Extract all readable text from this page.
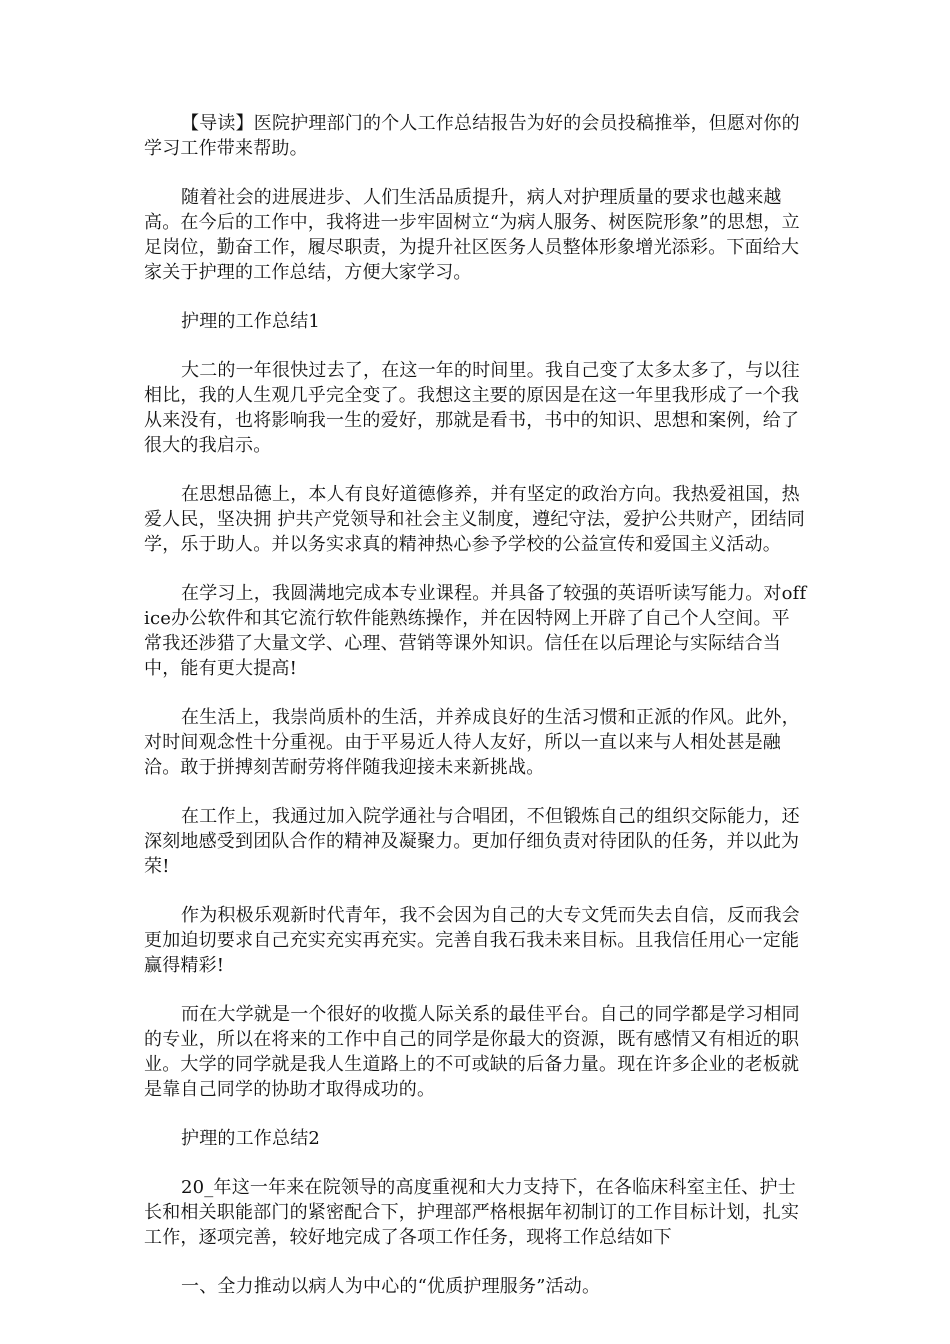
【导读】医院护理部门的个人工作总结报告为好的会员投稿推举，但愿对你的学习工作带来帮助。

随着社会的进展进步、人们生活品质提升，病人对护理质量的要求也越来越高。在今后的工作中，我将进一步牢固树立“为病人服务、树医院形象”的思想，立足岗位，勤奋工作，履尽职责，为提升社区医务人员整体形象增光添彩。下面给大家关于护理的工作总结，方便大家学习。

护理的工作总结1

大二的一年很快过去了，在这一年的时间里。我自己变了太多太多了，与以往相比，我的人生观几乎完全变了。我想这主要的原因是在这一年里我形成了一个我从来没有，也将影响我一生的爱好，那就是看书，书中的知识、思想和案例，给了很大的我启示。

在思想品德上，本人有良好道德修养，并有坚定的政治方向。我热爱祖国，热爱人民，坚决拥 护共产党领导和社会主义制度，遵纪守法，爱护公共财产，团结同学，乐于助人。并以务实求真的精神热心参予学校的公益宣传和爱国主义活动。

在学习上，我圆满地完成本专业课程。并具备了较强的英语听读写能力。对office办公软件和其它流行软件能熟练操作，并在因特网上开辟了自己个人空间。平常我还涉猎了大量文学、心理、营销等课外知识。信任在以后理论与实际结合当中，能有更大提高!

在生活上，我崇尚质朴的生活，并养成良好的生活习惯和正派的作风。此外，对时间观念性十分重视。由于平易近人待人友好，所以一直以来与人相处甚是融洽。敢于拼搏刻苦耐劳将伴随我迎接未来新挑战。

在工作上，我通过加入院学通社与合唱团，不但锻炼自己的组织交际能力，还深刻地感受到团队合作的精神及凝聚力。更加仔细负责对待团队的任务，并以此为荣!

作为积极乐观新时代青年，我不会因为自己的大专文凭而失去自信，反而我会更加迫切要求自己充实充实再充实。完善自我石我未来目标。且我信任用心一定能赢得精彩!

而在大学就是一个很好的收揽人际关系的最佳平台。自己的同学都是学习相同的专业，所以在将来的工作中自己的同学是你最大的资源，既有感情又有相近的职业。大学的同学就是我人生道路上的不可或缺的后备力量。现在许多企业的老板就是靠自己同学的协助才取得成功的。

护理的工作总结2

20_年这一年来在院领导的高度重视和大力支持下，在各临床科室主任、护士长和相关职能部门的紧密配合下，护理部严格根据年初制订的工作目标计划，扎实工作，逐项完善，较好地完成了各项工作任务，现将工作总结如下

一、全力推动以病人为中心的“优质护理服务”活动。
